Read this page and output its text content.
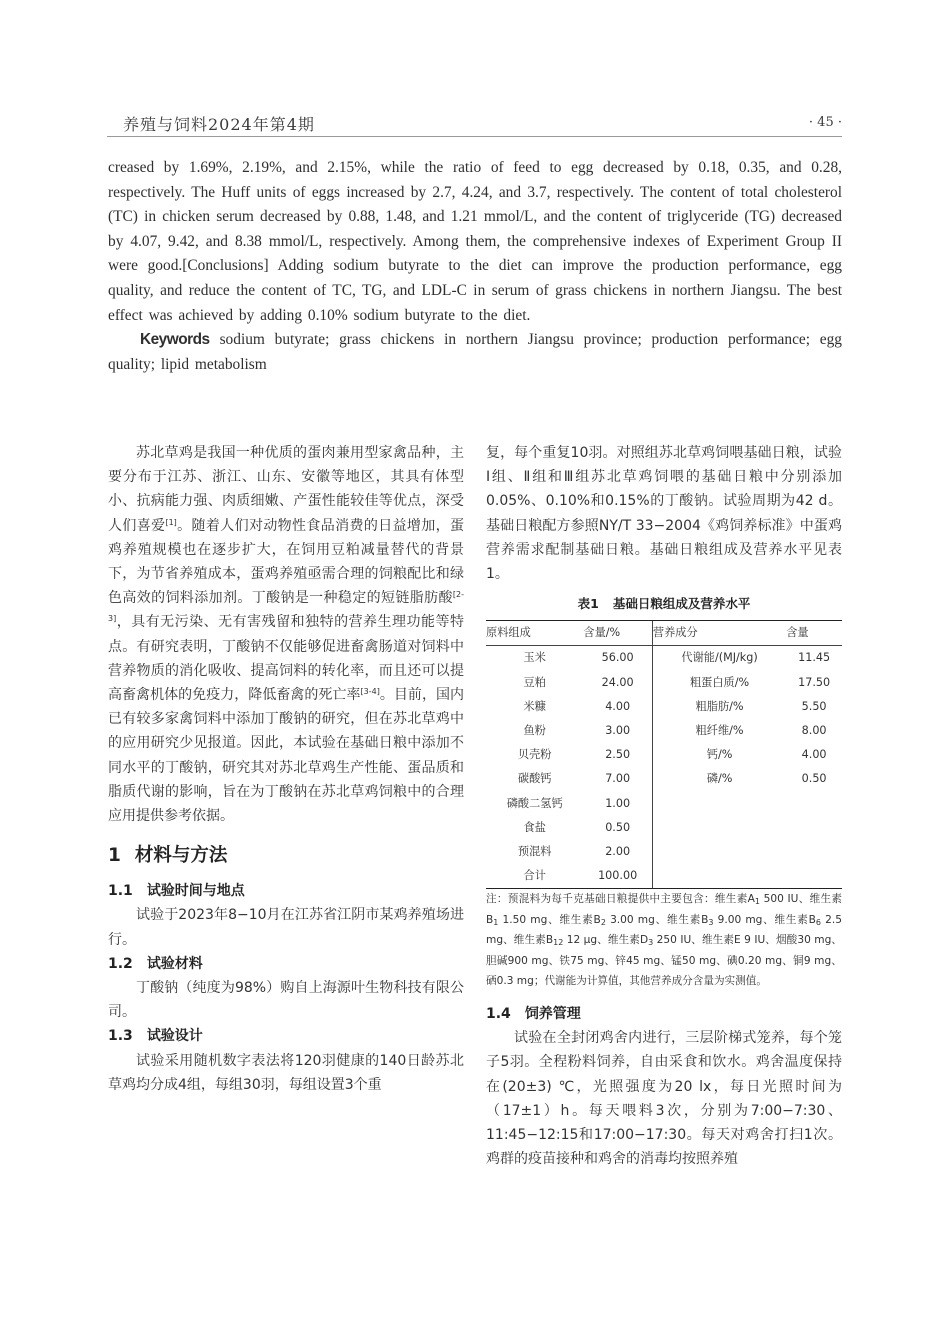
养殖与饲料2024年第4期	· 45 ·

creased by 1.69%, 2.19%, and 2.15%, while the ratio of feed to egg decreased by 0.18, 0.35, and 0.28, respectively. The Huff units of eggs increased by 2.7, 4.24, and 3.7, respectively. The content of total cholesterol (TC) in chicken serum decreased by 0.88, 1.48, and 1.21 mmol/L, and the content of triglyceride (TG) decreased by 4.07, 9.42, and 8.38 mmol/L, respectively. Among them, the comprehensive indexes of Experiment Group II were good.[Conclusions] Adding sodium butyrate to the diet can improve the production performance, egg quality, and reduce the content of TC, TG, and LDL-C in serum of grass chickens in northern Jiangsu. The best effect was achieved by adding 0.10% sodium butyrate to the diet.

Keywords sodium butyrate; grass chickens in northern Jiangsu province; production performance; egg quality; lipid metabolism

苏北草鸡是我国一种优质的蛋肉兼用型家禽品种，主要分布于江苏、浙江、山东、安徽等地区，其具有体型小、抗病能力强、肉质细嫩、产蛋性能较佳等优点，深受人们喜爱[1]。随着人们对动物性食品消费的日益增加，蛋鸡养殖规模也在逐步扩大，在饲用豆粕减量替代的背景下，为节省养殖成本，蛋鸡养殖亟需合理的饲粮配比和绿色高效的饲料添加剂。丁酸钠是一种稳定的短链脂肪酸[2-3]，具有无污染、无有害残留和独特的营养生理功能等特点。有研究表明，丁酸钠不仅能够促进畜禽肠道对饲料中营养物质的消化吸收、提高饲料的转化率，而且还可以提高畜禽机体的免疫力，降低畜禽的死亡率[3-4]。目前，国内已有较多家禽饲料中添加丁酸钠的研究，但在苏北草鸡中的应用研究少见报道。因此，本试验在基础日粮中添加不同水平的丁酸钠，研究其对苏北草鸡生产性能、蛋品质和脂质代谢的影响，旨在为丁酸钠在苏北草鸡饲粮中的合理应用提供参考依据。

1 材料与方法
1.1 试验时间与地点

试验于2023年8−10月在江苏省江阴市某鸡养殖场进行。

1.2 试验材料

丁酸钠（纯度为98%）购自上海源叶生物科技有限公司。

1.3 试验设计

试验采用随机数字表法将120羽健康的140日龄苏北草鸡均分成4组，每组30羽，每组设置3个重

复，每个重复10羽。对照组苏北草鸡饲喂基础日粮，试验Ⅰ组、Ⅱ组和Ⅲ组苏北草鸡饲喂的基础日粮中分别添加0.05%、0.10%和0.15%的丁酸钠。试验周期为42 d。基础日粮配方参照NY/T 33−2004《鸡饲养标准》中蛋鸡营养需求配制基础日粮。基础日粮组成及营养水平见表1。

表1 基础日粮组成及营养水平
原料组成	含量/%	营养成分	含量
玉米	56.00	代谢能/(MJ/kg)	11.45
豆粕	24.00	粗蛋白质/%	17.50
米糠	4.00	粗脂肪/%	5.50
鱼粉	3.00	粗纤维/%	8.00
贝壳粉	2.50	钙/%	4.00
碳酸钙	7.00	磷/%	0.50
磷酸二氢钙	1.00		
食盐	0.50		
预混料	2.00		
合计	100.00		

注：预混料为每千克基础日粮提供中主要包含：维生素$A_1$ 500 IU、维生素$B_1$ 1.50 mg、维生素$B_2$ 3.00 mg、维生素$B_3$ 9.00 mg、维生素$B_6$ 2.5 mg、维生素$B_{12}$ 12 μg、维生素$D_3$ 250 IU、维生素E 9 IU、烟酸30 mg、胆碱900 mg、铁75 mg、锌45 mg、锰50 mg、碘0.20 mg、铜9 mg、硒0.3 mg；代谢能为计算值，其他营养成分含量为实测值。

1.4 饲养管理

试验在全封闭鸡舍内进行，三层阶梯式笼养，每个笼子5羽。全程粉料饲养，自由采食和饮水。鸡舍温度保持在(20±3) ℃，光照强度为20 lx，每日光照时间为（17±1）h。每天喂料3次，分别为7:00−7:30、11:45−12:15和17:00−17:30。每天对鸡舍打扫1次。鸡群的疫苗接种和鸡舍的消毒均按照养殖
